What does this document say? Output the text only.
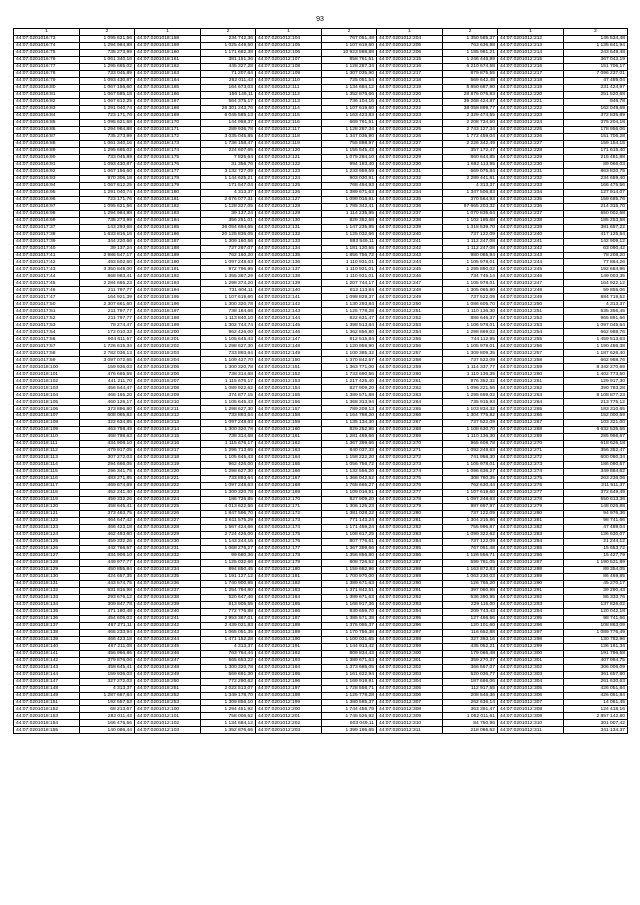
93
1	2	1	2	1	2	1	2	1	2
44:07:0201016:73	1 095 621,56	44:07:0201018:158	234 742,36	44:07:0201012:104	767 051,48	44:07:0201012:204	1 350 585,37	44:07:0201012:212	146 534,48
44:07:0201016:74	1 294 984,88	44:07:0201018:159	1 025 449,50	44:07:0201012:105	1 107 619,60	44:07:0201012:205	763 636,98	44:07:0201012:213	1 135 641,94
44:07:0201016:75	735 273,99	44:07:0201018:160	1 171 682,38	44:07:0201012:106	10 923 588,88	44:07:0201012:206	1 185 981,21	44:07:0201012:214	243 649,48
44:07:0201016:76	1 061 340,16	44:07:0201018:161	381 151,36	44:07:0201012:107	858 761,51	44:07:0201012:215	1 246 446,99	44:07:0201012:215	367 043,19
44:07:0201016:77	1 295 665,02	44:07:0201018:162	445 327,28	44:07:0201012:108	1 128 287,34	44:07:0201012:216	6 210 674,58	44:07:0201012:216	151 706,17
44:07:0201016:78	733 045,89	44:07:0201018:163	71 207,64	44:07:0201012:109	1 307 035,90	44:07:0201012:217	879 875,55	44:07:0201012:217	7 096 237,01
44:07:0201016:79	1 093 430,87	44:07:0201018:164	262 011,43	44:07:0201012:110	725 051,54	44:07:0201012:218	569 642,48	44:07:0201012:218	47 489,04
44:07:0201016:80	1 067 156,60	44:07:0201018:165	164 673,03	44:07:0201012:111	1 134 684,12	44:07:0201012:219	5 850 687,90	44:07:0201012:219	231 424,97
44:07:0201016:81	1 067 585,18	44:07:0201018:166	156 146,11	44:07:0201012:112	1 352 876,66	44:07:0201012:220	28 876 076,83	44:07:0201012:220	251 520,68
44:07:0201016:82	1 067 612,25	44:07:0201018:167	564 375,17	44:07:0201012:113	736 104,16	44:07:0201012:221	39 268 424,87	44:07:0201012:221	946,78
44:07:0201016:83	1 291 040,74	44:07:0201018:168	26 301 243,76	44:07:0201012:114	1 107 619,60	44:07:0201012:222	38 058 899,77	44:07:0201012:222	162 049,69
44:07:0201016:84	723 171,76	44:07:0201018:169	6 045 585,13	44:07:0201012:115	1 163 423,83	44:07:0201012:223	2 329 474,55	44:07:0201012:223	372 835,89
44:07:0201016:85	1 095 621,58	44:07:0201018:170	144 958,37	44:07:0201012:116	669 761,51	44:07:0201012:224	2 208 734,50	44:07:0201012:224	375 204,18
44:07:0201016:86	1 294 984,88	44:07:0201018:171	289 936,78	44:07:0201012:117	1 128 287,34	44:07:0201012:225	2 743 127,34	44:07:0201012:225	178 956,06
44:07:0201016:87	735 273,99	44:07:0201018:172	3 035 045,85	44:07:0201012:118	1 347 036,90	44:07:0201012:226	1 772 459,04	44:07:0201012:226	151 706,28
44:07:0201016:88	1 061 340,16	44:07:0201018:173	1 736 158,47	44:07:0201012:119	755 898,97	44:07:0201012:227	2 226 342,49	44:07:0201012:227	159 154,15
44:07:0201016:89	1 295 665,02	44:07:0201018:174	224 607,65	44:07:0201012:120	1 155 545,43	44:07:0201012:228	357 172,47	44:07:0201012:228	171 615,40
44:07:0201016:90	733 045,89	44:07:0201018:175	7 825,64	44:07:0201012:121	1 079 284,10	44:07:0201012:229	860 644,85	44:07:0201012:229	215 481,88
44:07:0201016:91	1 093 430,87	44:07:0201018:176	31 356,76	44:07:0201012:122	994 183,40	44:07:0201012:230	1 692 113,95	44:07:0201012:230	89 066,03
44:07:0201016:92	1 067 156,60	44:07:0201018:177	3 132 727,09	44:07:0201012:123	1 233 959,59	44:07:0201012:231	669 075,84	44:07:0201012:231	863 820,75
44:07:0201016:93	970 306,18	44:07:0201018:178	1 144 625,21	44:07:0201012:124	903 030,91	44:07:0201012:232	2 289 441,81	44:07:0201012:232	234 659,40
44:07:0201016:94	1 067 612,25	44:07:0201018:179	171 547,04	44:07:0201012:125	768 494,93	44:07:0201012:233	4 313,37	44:07:0201012:233	166 475,56
44:07:0201016:95	1 291 040,74	44:07:0201018:180	4 313,37	44:07:0201012:126	1 389 671,63	44:07:0201012:234	1 347 506,83	44:07:0201012:234	127 914,07
44:07:0201016:96	723 171,76	44:07:0201018:181	2 676 077,31	44:07:0201012:127	1 099 016,91	44:07:0201012:235	370 564,93	44:07:0201012:235	159 685,76
44:07:0201016:97	1 095 621,56	44:07:0201018:182	1 128 327,05	44:07:0201012:128	1 785 342,41	44:07:0201012:236	97 665 203,32	44:07:0201012:236	214 315,70
44:07:0201016:98	1 294 984,88	44:07:0201018:183	39 137,24	44:07:0201012:129	1 114 235,95	44:07:0201012:237	1 070 835,64	44:07:0201012:237	550 002,58
44:07:0201016:99	735 273,99	44:07:0201018:184	356 251,01	44:07:0201012:130	829 352,68	44:07:0201012:238	1 102 185,68	44:07:0201012:238	185 253,58
44:07:0201017:37	143 293,68	44:07:0201018:185	36 054 694,65	44:07:0201012:131	1 147 235,95	44:07:0201012:239	1 318 539,70	44:07:0201012:239	381 657,22
44:07:0201017:38	1 633 816,16	44:07:0201018:186	20 125 836,05	44:07:0201012:132	1 125 032,66	44:07:0201012:240	737 122,09	44:07:0201012:240	417 125,54
44:07:0201017:39	344 220,66	44:07:0201018:187	1 309 160,56	44:07:0201012:133	883 549,11	44:07:0201012:241	1 112 247,08	44:07:0201012:241	142 909,12
44:07:0201017:40	39 137,24	44:07:0201018:188	727 267,07	44:07:0201012:134	1 181 120,55	44:07:0201012:242	1 112 247,08	44:07:0201012:242	63 090,42
44:07:0201017:41	2 986 547,17	44:07:0201018:189	762 160,20	44:07:0201012:135	1 856 756,72	44:07:0201012:243	980 085,94	44:07:0201012:243	78 208,20
44:07:0201017:42	493 502,60	44:07:0201018:190	1 097 248,63	44:07:0201012:136	1 110 931,01	44:07:0201012:244	1 105 978,01	44:07:0201012:244	77 864,26
44:07:0201017:43	3 350 848,00	44:07:0201018:191	972 796,95	44:07:0201012:137	1 110 931,01	44:07:0201012:245	1 295 890,02	44:07:0201012:245	192 684,96
44:07:0201017:44	868 983,41	44:07:0201018:192	1 355 367,29	44:07:0201012:138	1 110 931,01	44:07:0201012:246	734 745,14	44:07:0201012:246	149 003,35
44:07:0201017:45	2 284 665,23	44:07:0201018:193	1 298 374,20	44:07:0201012:139	1 207 744,17	44:07:0201012:247	1 105 978,01	44:07:0201012:247	164 922,12
44:07:0201017:46	211 797,77	44:07:0201018:194	731 604,11	44:07:0201012:140	812 113,84	44:07:0201012:248	1 305 065,80	44:07:0201012:248	59 855,06
44:07:0201017:47	164 921,39	44:07:0201018:195	1 107 619,60	44:07:0201012:141	1 098 829,37	44:07:0201012:249	737 522,09	44:07:0201012:249	884 719,52
44:07:0201017:50	2 307 661,60	44:07:0201018:196	1 300 320,78	44:07:0201012:142	1 130 293,84	44:07:0201012:250	1 086 605,70	44:07:0201012:250	4 313,37
44:07:0201017:51	211 797,77	44:07:0201018:197	738 184,66	44:07:0201012:143	1 125 778,28	44:07:0201012:251	1 110 136,30	44:07:0201012:251	535 356,45
44:07:0201017:52	211 797,77	44:07:0201018:198	1 113 840,10	44:07:0201012:144	822 631,47	44:07:0201012:252	886 646,37	44:07:0201012:252	965 891,66
44:07:0201017:53	78 274,47	44:07:0201018:199	1 302 744,74	44:07:0201012:145	1 398 513,84	44:07:0201012:253	1 106 978,01	44:07:0201012:253	1 097 045,64
44:07:0201017:54	172 010,33	44:07:0201018:200	962 426,00	44:07:0201012:146	1 362 856,80	44:07:0201012:254	1 298 869,02	44:07:0201012:254	662 988,76
44:07:0201017:56	904 611,57	44:07:0201018:201	1 105 645,43	44:07:0201012:147	812 515,84	44:07:0201012:255	744 112,95	44:07:0201012:255	1 459 513,63
44:07:0201017:57	1 726 615,34	44:07:0201018:202	1 298 627,30	44:07:0201012:148	1 120 958,90	44:07:0201012:256	1 105 978,01	44:07:0201012:256	1 190 486,38
44:07:0201017:58	2 782 036,13	44:07:0201018:203	733 893,64	44:07:0201012:149	1 100 385,32	44:07:0201012:257	1 309 809,35	44:07:0201012:257	1 187 626,40
44:07:0201017:59	3 097 072,65	44:07:0201018:204	1 109 427,70	44:07:0201012:150	1 370 842,57	44:07:0201012:258	737 522,09	44:07:0201012:258	662 988,76
44:07:0201018:100	159 936,03	44:07:0201018:205	1 300 320,78	44:07:0201012:151	1 363 771,00	44:07:0201012:259	1 114 337,77	44:07:0201012:259	8 342 270,69
44:07:0201018:101	476 665,59	44:07:0201018:206	738 314,68	44:07:0201012:152	1 733 690,56	44:07:0201012:260	1 110 136,35	44:07:0201012:260	1 402 773,50
44:07:0201018:102	441 211,70	44:07:0201018:207	1 115 676,17	44:07:0201012:153	1 217 425,40	44:07:0201012:261	976 352,32	44:07:0201012:261	129 917,30
44:07:0201018:103	456 544,47	44:07:0201018:208	1 089 922,62	44:07:0201012:154	827 909,20	44:07:0201012:262	1 096 221,56	44:07:0201012:262	390 783,28
44:07:0201018:104	466 165,20	44:07:0201018:209	374 877,15	44:07:0201012:155	1 389 571,88	44:07:0201012:263	1 295 699,02	44:07:0201012:263	8 108 877,23
44:07:0201018:105	460 126,17	44:07:0201018:210	1 105 645,43	44:07:0201012:156	1 368 313,94	44:07:0201012:264	735 915,93	44:07:0201012:264	213 775,12
44:07:0201018:106	373 896,80	44:07:0201018:211	1 298 627,30	44:07:0201012:157	789 209,13	44:07:0201012:265	1 103 834,32	44:07:0201012:265	183 310,65
44:07:0201018:107	608 065,82	44:07:0201018:212	733 893,64	44:07:0201012:158	1 164 788,20	44:07:0201012:266	1 304 775,82	44:07:0201012:266	152 000,59
44:07:0201018:108	322 634,85	44:07:0201018:213	1 097 248,63	44:07:0201012:159	1 135 134,30	44:07:0201012:267	737 522,09	44:07:0201012:267	103 321,00
44:07:0201018:109	463 758,49	44:07:0201018:214	1 300 320,78	44:07:0201012:160	829 252,96	44:07:0201012:268	1 108 630,70	44:07:0201012:268	6 632 535,56
44:07:0201018:110	468 798,63	44:07:0201018:215	738 314,68	44:07:0201012:161	1 281 469,66	44:07:0201012:269	1 110 136,30	44:07:0201012:269	285 998,67
44:07:0201018:111	434 908,10	44:07:0201018:216	1 115 676,17	44:07:0201012:162	1 367 399,66	44:07:0201012:270	965 608,78	44:07:0201012:270	618 626,18
44:07:0201018:112	479 917,05	44:07:0201018:217	1 296 713,65	44:07:0201012:163	840 037,33	44:07:0201012:271	1 092 248,63	44:07:0201012:271	356 352,47
44:07:0201018:113	307 272,03	44:07:0201018:218	1 105 645,43	44:07:0201012:164	1 158 222,20	44:07:0201012:272	741 958,30	44:07:0201012:272	600 060,34
44:07:0201018:114	294 666,05	44:07:0201018:219	962 426,00	44:07:0201012:165	1 056 756,72	44:07:0201012:273	1 105 978,01	44:07:0201012:273	186 090,57
44:07:0201018:115	296 341,75	44:07:0201018:220	1 298 627,30	44:07:0201012:166	1 132 556,20	44:07:0201012:274	1 096 636,27	44:07:0201012:274	349 884,62
44:07:0201018:116	483 271,85	44:07:0201018:221	733 893,64	44:07:0201012:167	1 366 042,52	44:07:0201012:275	308 780,35	44:07:0201012:275	263 236,06
44:07:0201018:117	469 674,69	44:07:0201018:222	1 097 248,63	44:07:0201012:168	1 768 665,27	44:07:0201012:276	762 630,44	44:07:0201012:276	211 511,37
44:07:0201018:118	452 241,40	44:07:0201018:223	1 300 320,78	44:07:0201012:169	1 109 016,91	44:07:0201012:277	1 107 619,60	44:07:0201012:277	372 649,49
44:07:0201018:119	459 332,26	44:07:0201018:224	186 726,85	44:07:0201012:170	827 909,20	44:07:0201012:278	1 097 248,63	44:07:0201012:278	550 613,36
44:07:0201018:120	458 645,41	44:07:0201018:225	4 013 622,56	44:07:0201012:171	1 306 126,23	44:07:0201012:279	987 697,97	44:07:0201012:279	148 026,88
44:07:0201018:121	373 463,75	44:07:0201018:226	1 847 596,70	44:07:0201012:172	1 381 028,22	44:07:0201012:280	737 122,09	44:07:0201012:280	94 976,36
44:07:0201018:122	464 647,42	44:07:0201018:227	3 611 575,29	44:07:0201012:173	771 143,24	44:07:0201012:281	1 304 215,86	44:07:0201012:281	98 741,66
44:07:0201018:123	466 423,18	44:07:0201018:228	1 567 424,66	44:07:0201012:174	1 171 459,24	44:07:0201012:282	755 996,87	44:07:0201012:282	47 489,04
44:07:0201018:124	462 493,60	44:07:0201018:229	2 724 426,00	44:07:0201012:175	1 108 617,25	44:07:0201012:283	1 099 322,62	44:07:0201012:283	136 630,07
44:07:0201018:125	459 332,26	44:07:0201018:230	1 143 244,16	44:07:0201012:176	807 776,61	44:07:0201012:284	737 122,09	44:07:0201012:284	21 244,12
44:07:0201018:126	442 766,57	44:07:0201018:231	1 068 276,27	44:07:0201012:177	1 367 399,66	44:07:0201012:285	767 051,48	44:07:0201012:285	15 653,72
44:07:0201018:127	434 908,10	44:07:0201018:232	99 680,36	44:07:0201012:178	1 356 856,80	44:07:0201012:286	1 126 556,71	44:07:0201012:286	15 427,79
44:07:0201018:128	449 977,77	44:07:0201018:233	1 125 032,66	44:07:0201012:179	808 726,52	44:07:0201012:287	599 781,05	44:07:0201012:287	1 190 531,89
44:07:0201018:129	450 855,84	44:07:0201018:234	894 850,45	44:07:0201012:180	1 159 682,96	44:07:0201012:288	1 163 872,83	44:07:0201012:288	89 354,05
44:07:0201018:130	424 657,35	44:07:0201018:235	1 191 127,12	44:07:0201012:181	1 700 970,00	44:07:0201012:289	1 063 230,03	44:07:0201012:289	86 469,85
44:07:0201018:131	443 574,75	44:07:0201018:236	1 740 900,95	44:07:0201012:182	1 389 671,63	44:07:0201012:290	126 765,20	44:07:0201012:290	45 270,17
44:07:0201018:132	531 816,98	44:07:0201018:237	1 254 794,80	44:07:0201012:183	1 371 842,51	44:07:0201012:291	397 060,98	44:07:0201012:291	39 290,43
44:07:0201018:133	293 676,12	44:07:0201018:238	520 647,46	44:07:0201012:184	1 389 671,63	44:07:0201012:292	536 390,95	44:07:0201012:292	86 333,76
44:07:0201018:134	309 847,78	44:07:0201018:239	813 905,55	44:07:0201012:185	1 166 917,36	44:07:0201012:293	229 115,00	44:07:0201012:293	137 826,02
44:07:0201018:135	471 180,48	44:07:0201018:240	772 776,88	44:07:0201012:186	830 659,70	44:07:0201012:294	209 743,43	44:07:0201012:294	120 042,18
44:07:0201018:136	454 605,03	44:07:0201018:241	2 953 367,01	44:07:0201012:187	1 385 571,38	44:07:0201012:295	127 466,56	44:07:0201012:295	98 741,66
44:07:0201018:137	467 271,11	44:07:0201018:242	2 439 021,83	44:07:0201012:188	1 376 085,37	44:07:0201012:296	120 101,60	44:07:0201012:296	108 863,09
44:07:0201018:138	465 233,94	44:07:0201018:243	1 065 051,35	44:07:0201012:189	1 170 756,38	44:07:0201012:297	116 652,88	44:07:0201012:297	1 089 776,49
44:07:0201018:139	466 423,18	44:07:0201018:244	1 471 152,28	44:07:0201012:190	1 100 031,65	44:07:0201012:298	327 393,16	44:07:0201012:298	130 782,96
44:07:0201018:140	467 211,08	44:07:0201018:245	4 313,37	44:07:0201012:191	1 144 913,42	44:07:0201012:299	435 052,21	44:07:0201012:299	136 161,34
44:07:0201018:141	456 966,86	44:07:0201018:246	763 764,44	44:07:0201012:192	809 834,43	44:07:0201012:300	179 066,48	44:07:0201012:300	191 796,58
44:07:0201018:142	379 876,06	44:07:0201018:247	565 653,22	44:07:0201012:193	1 389 671,63	44:07:0201012:301	359 270,37	44:07:0201012:301	407 994,75
44:07:0201018:143	458 645,41	44:07:0201018:248	1 300 320,78	44:07:0201012:194	1 373 685,05	44:07:0201012:302	366 567,07	44:07:0201012:302	306 006,09
44:07:0201018:144	159 936,03	44:07:0201018:249	569 691,30	44:07:0201012:195	1 161 622,94	44:07:0201012:303	520 036,77	44:07:0201012:303	361 657,80
44:07:0201018:147	327 272,03	44:07:0201018:250	772 290,62	44:07:0201012:196	1 169 919,91	44:07:0201012:304	187 686,06	44:07:0201012:304	261 630,63
44:07:0201018:148	4 313,37	44:07:0201018:251	2 022 513,07	44:07:0201012:197	1 728 558,71	44:07:0201012:305	112 917,55	44:07:0201012:305	426 051,84
44:07:0201018:149	1 287 687,84	44:07:0201018:252	1 349 178,70	44:07:0201012:198	1 125 778,28	44:07:0201012:306	208 546,36	44:07:0201012:306	426 051,84
44:07:0201018:151	192 557,53	44:07:0201018:253	1 309 856,10	44:07:0201012:199	1 380 585,37	44:07:0201012:307	262 636,14	44:07:0201012:307	14 061,45
44:07:0201018:152	68 213,67	44:07:0201012:100	1 294 451,92	44:07:0201012:200	1 744 456,79	44:07:0201012:308	363 391,47	44:07:0201012:308	124 418,16
44:07:0201018:153	282 011,43	44:07:0201012:101	758 006,52	44:07:0201012:201	1 745 526,92	44:07:0201012:309	1 052 011,61	44:07:0201012:309	2 857 142,80
44:07:0201018:154	166 475,56	44:07:0201012:102	1 134 684,12	44:07:0201012:202	603 049,11	44:07:0201012:310	84 750,96	44:07:0201012:310	301 007,42
44:07:0201018:155	140 086,44	44:07:0201012:103	1 352 876,66	44:07:0201012:203	1 399 195,65	44:07:0201012:311	218 086,52	44:07:0201012:311	341 134,37
